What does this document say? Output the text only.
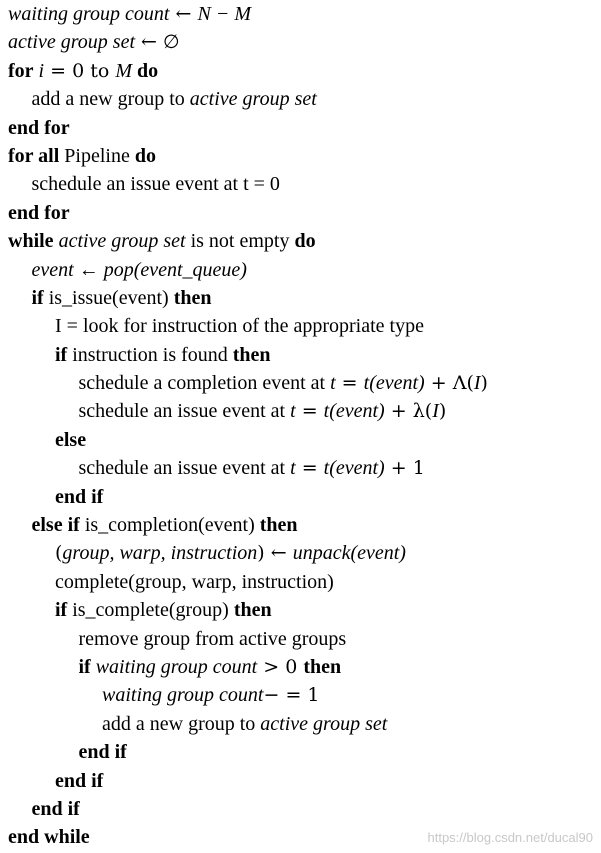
waiting group count ← N − M
active group set ← ∅
for i = 0 to M do
add a new group to active group set
end for
for all Pipeline do
schedule an issue event at t = 0
end for
while active group set is not empty do
event ← pop(event_queue)
if is_issue(event) then
I = look for instruction of the appropriate type
if instruction is found then
schedule a completion event at t = t(event) + Λ(I)
schedule an issue event at t = t(event) + λ(I)
else
schedule an issue event at t = t(event) + 1
end if
else if is_completion(event) then
(group, warp, instruction) ← unpack(event)
complete(group, warp, instruction)
if is_complete(group) then
remove group from active groups
if waiting group count > 0 then
waiting group count− = 1
add a new group to active group set
end if
end if
end if
end while	https://blog.csdn.net/ducal90
